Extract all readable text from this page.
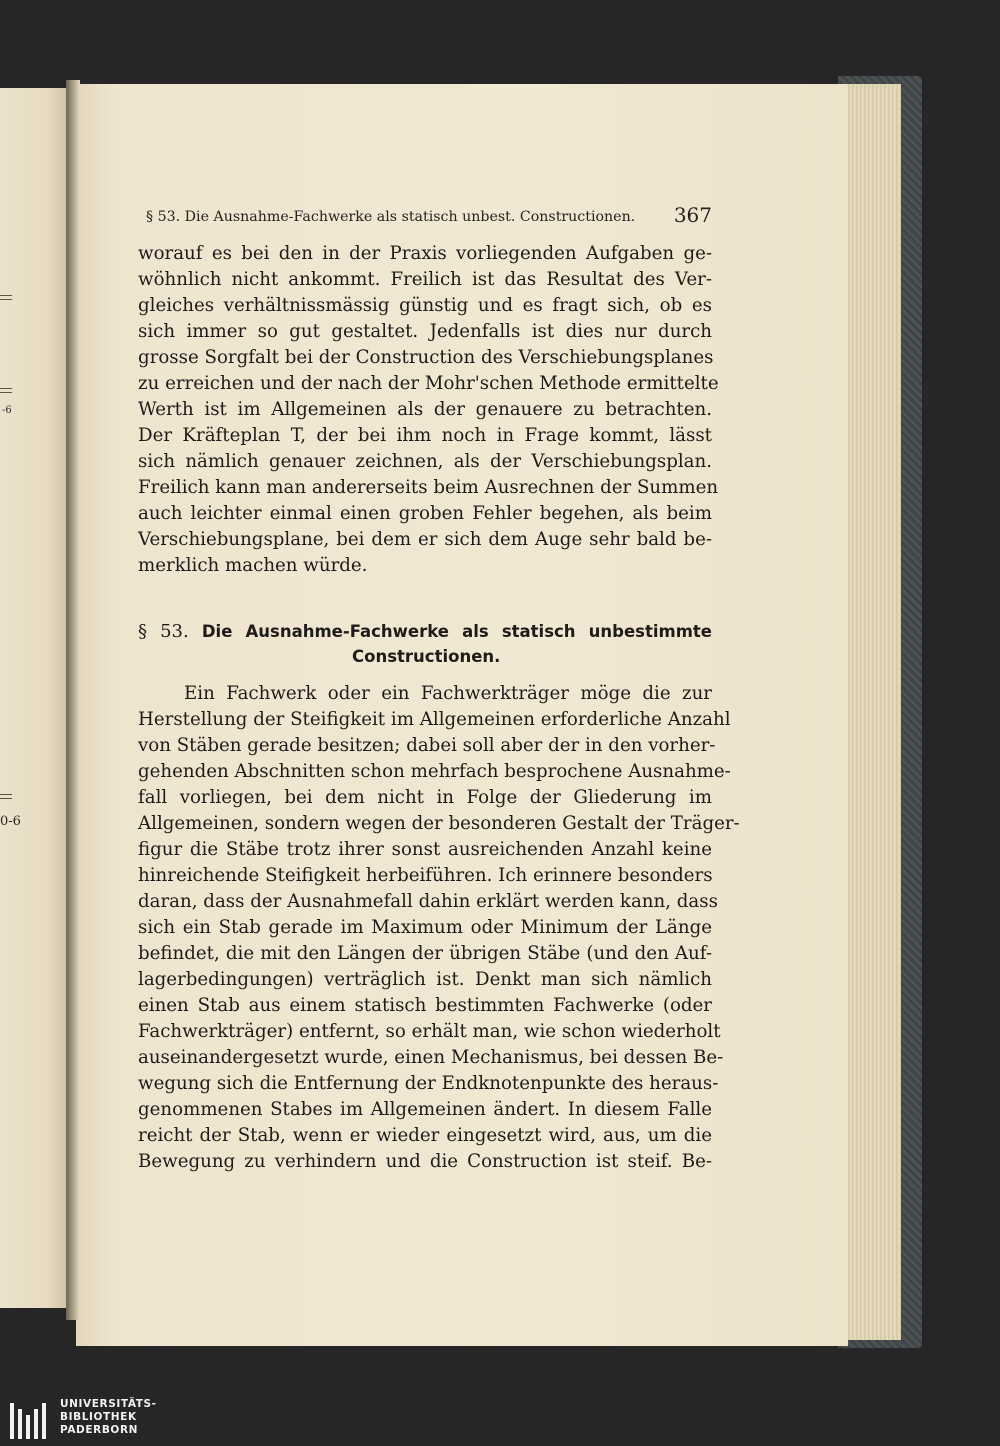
-6
0-6
§ 53. Die Ausnahme-Fachwerke als statisch unbest. Constructionen. 367
worauf es bei den in der Praxis vorliegenden Aufgaben ge-
wöhnlich nicht ankommt. Freilich ist das Resultat des Ver-
gleiches verhältnissmässig günstig und es fragt sich, ob es
sich immer so gut gestaltet. Jedenfalls ist dies nur durch
grosse Sorgfalt bei der Construction des Verschiebungsplanes
zu erreichen und der nach der Mohr'schen Methode ermittelte
Werth ist im Allgemeinen als der genauere zu betrachten.
Der Kräfteplan T, der bei ihm noch in Frage kommt, lässt
sich nämlich genauer zeichnen, als der Verschiebungsplan.
Freilich kann man andererseits beim Ausrechnen der Summen
auch leichter einmal einen groben Fehler begehen, als beim
Verschiebungsplane, bei dem er sich dem Auge sehr bald be-
merklich machen würde.
§ 53. Die Ausnahme-Fachwerke als statisch unbestimmte
Constructionen.
Ein Fachwerk oder ein Fachwerkträger möge die zur
Herstellung der Steifigkeit im Allgemeinen erforderliche Anzahl
von Stäben gerade besitzen; dabei soll aber der in den vorher-
gehenden Abschnitten schon mehrfach besprochene Ausnahme-
fall vorliegen, bei dem nicht in Folge der Gliederung im
Allgemeinen, sondern wegen der besonderen Gestalt der Träger-
figur die Stäbe trotz ihrer sonst ausreichenden Anzahl keine
hinreichende Steifigkeit herbeiführen. Ich erinnere besonders
daran, dass der Ausnahmefall dahin erklärt werden kann, dass
sich ein Stab gerade im Maximum oder Minimum der Länge
befindet, die mit den Längen der übrigen Stäbe (und den Auf-
lagerbedingungen) verträglich ist. Denkt man sich nämlich
einen Stab aus einem statisch bestimmten Fachwerke (oder
Fachwerkträger) entfernt, so erhält man, wie schon wiederholt
auseinandergesetzt wurde, einen Mechanismus, bei dessen Be-
wegung sich die Entfernung der Endknotenpunkte des heraus-
genommenen Stabes im Allgemeinen ändert. In diesem Falle
reicht der Stab, wenn er wieder eingesetzt wird, aus, um die
Bewegung zu verhindern und die Construction ist steif. Be-
UNIVERSITÄTS-
BIBLIOTHEK
PADERBORN
